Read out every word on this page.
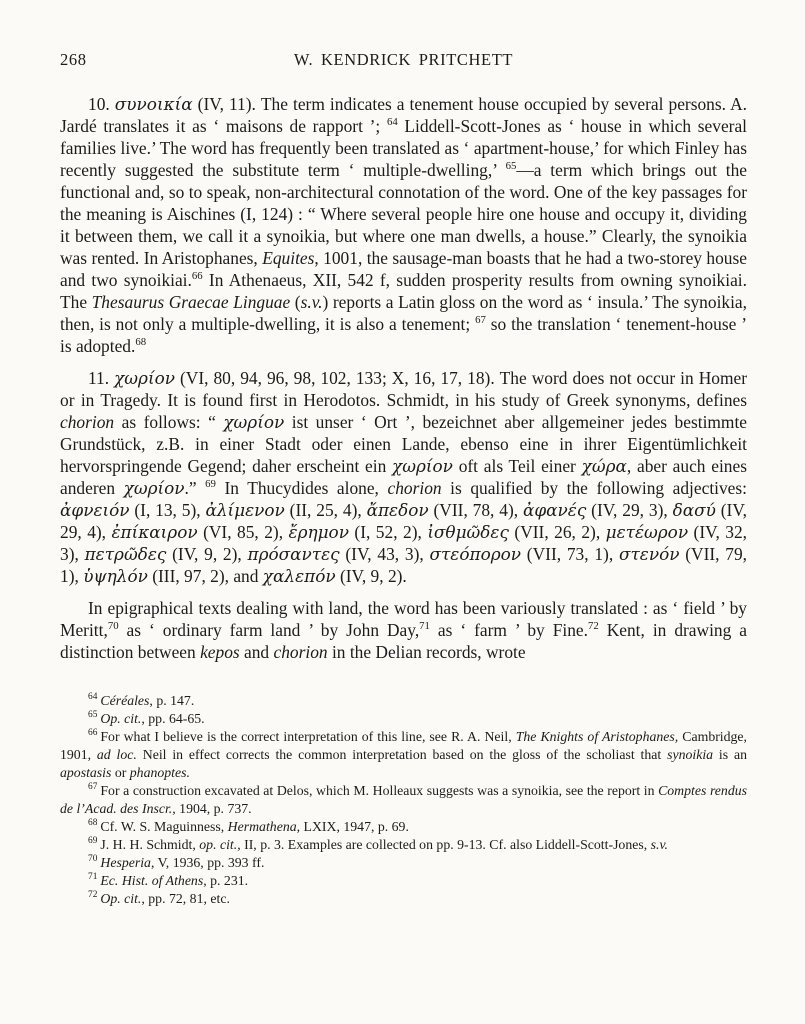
268	W. KENDRICK PRITCHETT

10. συνοικία (IV, 11). The term indicates a tenement house occupied by several persons. A. Jardé translates it as ‘ maisons de rapport ’; $^{64}$ Liddell-Scott-Jones as ‘ house in which several families live.’ The word has frequently been translated as ‘ apartment-house,’ for which Finley has recently suggested the substitute term ‘ multiple-dwelling,’ $^{65}$—a term which brings out the functional and, so to speak, non-architectural connotation of the word. One of the key passages for the meaning is Aischines (I, 124) : “ Where several people hire one house and occupy it, dividing it between them, we call it a synoikia, but where one man dwells, a house.” Clearly, the synoikia was rented. In Aristophanes, Equites, 1001, the sausage-man boasts that he had a two-storey house and two synoikiai.$^{66}$ In Athenaeus, XII, 542 f, sudden prosperity results from owning synoikiai. The Thesaurus Graecae Linguae (s.v.) reports a Latin gloss on the word as ‘ insula.’ The synoikia, then, is not only a multiple-dwelling, it is also a tenement; $^{67}$ so the translation ‘ tenement-house ’ is adopted.$^{68}$

11. χωρίον (VI, 80, 94, 96, 98, 102, 133; X, 16, 17, 18). The word does not occur in Homer or in Tragedy. It is found first in Herodotos. Schmidt, in his study of Greek synonyms, defines chorion as follows: “ χωρίον ist unser ‘ Ort ’, bezeichnet aber allgemeiner jedes bestimmte Grundstück, z.B. in einer Stadt oder einen Lande, ebenso eine in ihrer Eigentümlichkeit hervorspringende Gegend; daher erscheint ein χωρίον oft als Teil einer χώρα, aber auch eines anderen χωρίον.” $^{69}$ In Thucydides alone, chorion is qualified by the following adjectives: ἀφνειόν (I, 13, 5), ἀλίμενον (II, 25, 4), ἄπεδον (VII, 78, 4), ἀφανές (IV, 29, 3), δασύ (IV, 29, 4), ἐπίκαιρον (VI, 85, 2), ἔρημον (I, 52, 2), ἰσθμῶδες (VII, 26, 2), μετέωρον (IV, 32, 3), πετρῶδες (IV, 9, 2), πρόσαντες (IV, 43, 3), στεόπορον (VII, 73, 1), στενόν (VII, 79, 1), ὑψηλόν (III, 97, 2), and χαλεπόν (IV, 9, 2).

In epigraphical texts dealing with land, the word has been variously translated : as ‘ field ’ by Meritt,$^{70}$ as ‘ ordinary farm land ’ by John Day,$^{71}$ as ‘ farm ’ by Fine.$^{72}$ Kent, in drawing a distinction between kepos and chorion in the Delian records, wrote

$^{64}$ Céréales, p. 147.

$^{65}$ Op. cit., pp. 64-65.

$^{66}$ For what I believe is the correct interpretation of this line, see R. A. Neil, The Knights of Aristophanes, Cambridge, 1901, ad loc. Neil in effect corrects the common interpretation based on the gloss of the scholiast that synoikia is an apostasis or phanoptes.

$^{67}$ For a construction excavated at Delos, which M. Holleaux suggests was a synoikia, see the report in Comptes rendus de l’Acad. des Inscr., 1904, p. 737.

$^{68}$ Cf. W. S. Maguinness, Hermathena, LXIX, 1947, p. 69.

$^{69}$ J. H. H. Schmidt, op. cit., II, p. 3. Examples are collected on pp. 9-13. Cf. also Liddell-Scott-Jones, s.v.

$^{70}$ Hesperia, V, 1936, pp. 393 ff.

$^{71}$ Ec. Hist. of Athens, p. 231.

$^{72}$ Op. cit., pp. 72, 81, etc.
